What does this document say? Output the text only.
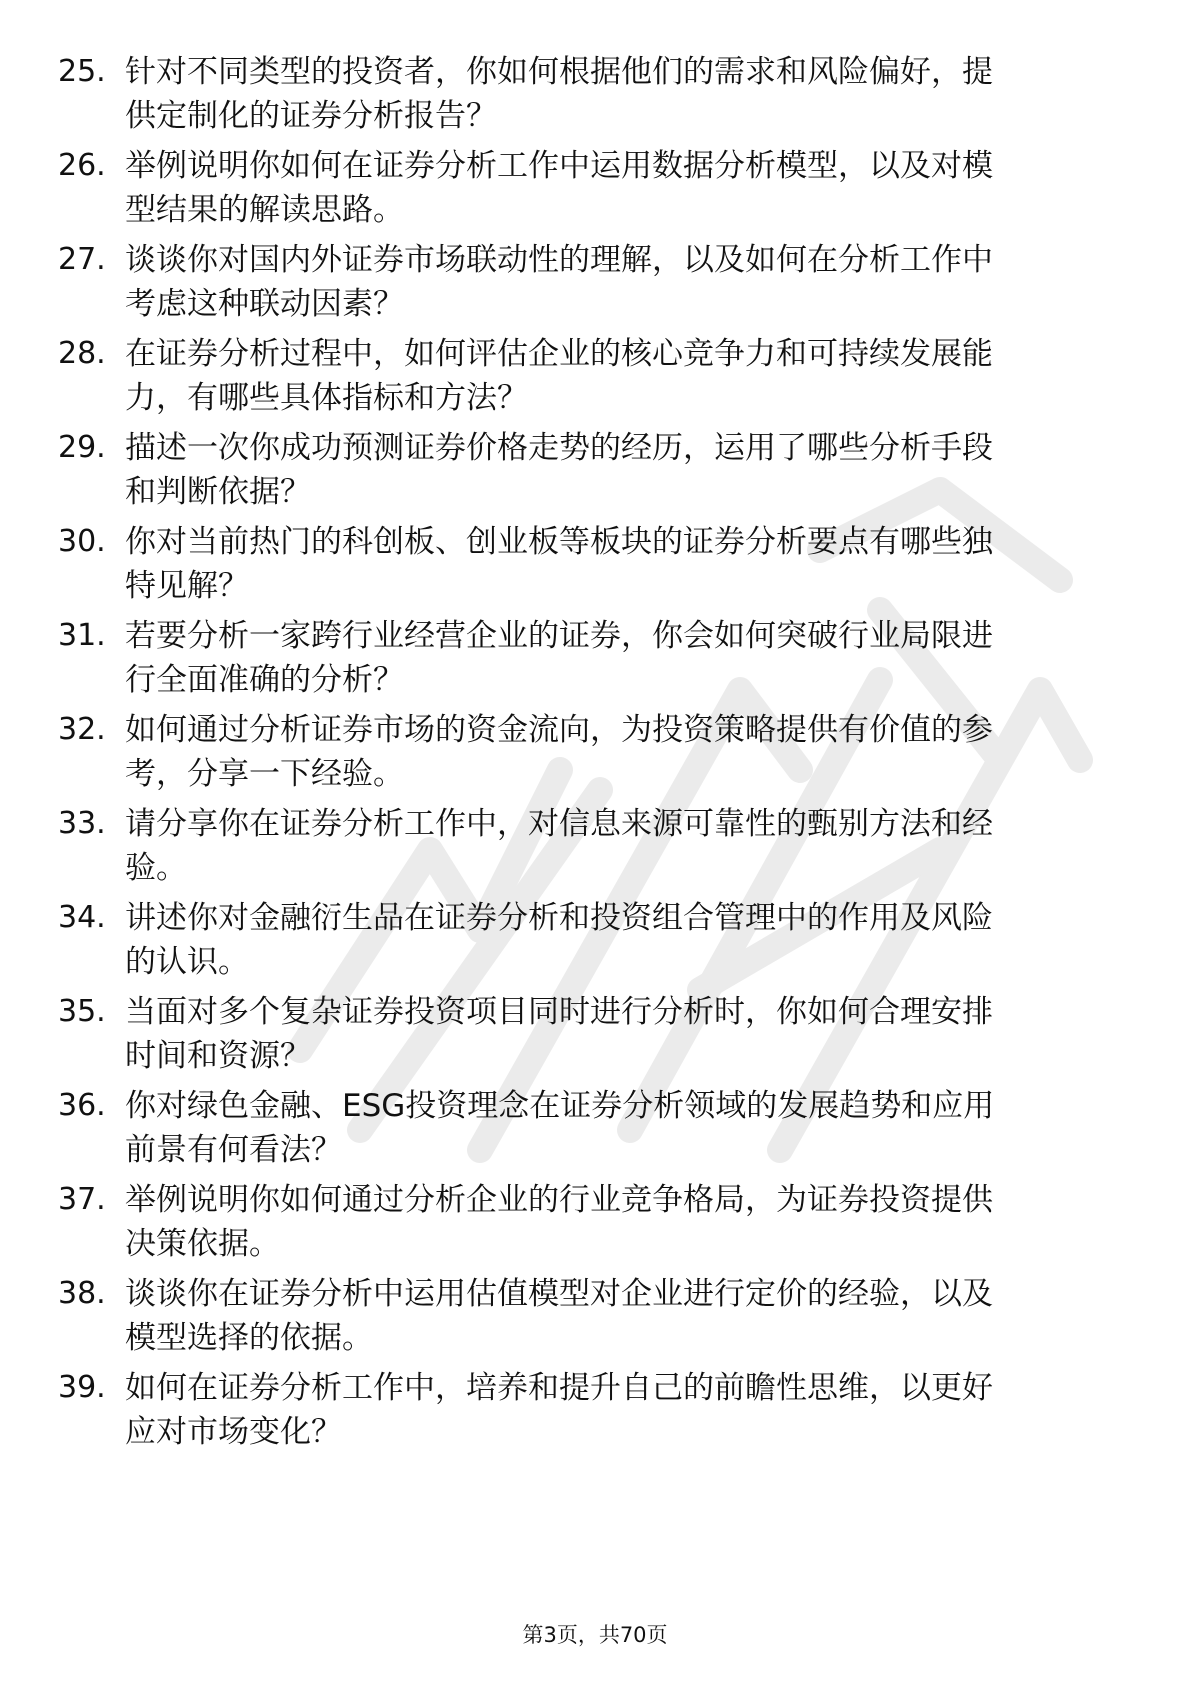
25. 针对不同类型的投资者，你如何根据他们的需求和风险偏好，提
供定制化的证券分析报告？
26. 举例说明你如何在证券分析工作中运用数据分析模型，以及对模
型结果的解读思路。
27. 谈谈你对国内外证券市场联动性的理解，以及如何在分析工作中
考虑这种联动因素？
28. 在证券分析过程中，如何评估企业的核心竞争力和可持续发展能
力，有哪些具体指标和方法？
29. 描述一次你成功预测证券价格走势的经历，运用了哪些分析手段
和判断依据？
30. 你对当前热门的科创板、创业板等板块的证券分析要点有哪些独
特见解？
31. 若要分析一家跨行业经营企业的证券，你会如何突破行业局限进
行全面准确的分析？
32. 如何通过分析证券市场的资金流向，为投资策略提供有价值的参
考，分享一下经验。
33. 请分享你在证券分析工作中，对信息来源可靠性的甄别方法和经
验。
34. 讲述你对金融衍生品在证券分析和投资组合管理中的作用及风险
的认识。
35. 当面对多个复杂证券投资项目同时进行分析时，你如何合理安排
时间和资源？
36. 你对绿色金融、ESG投资理念在证券分析领域的发展趋势和应用
前景有何看法？
37. 举例说明你如何通过分析企业的行业竞争格局，为证券投资提供
决策依据。
38. 谈谈你在证券分析中运用估值模型对企业进行定价的经验，以及
模型选择的依据。
39. 如何在证券分析工作中，培养和提升自己的前瞻性思维，以更好
应对市场变化？
第3页，共70页
